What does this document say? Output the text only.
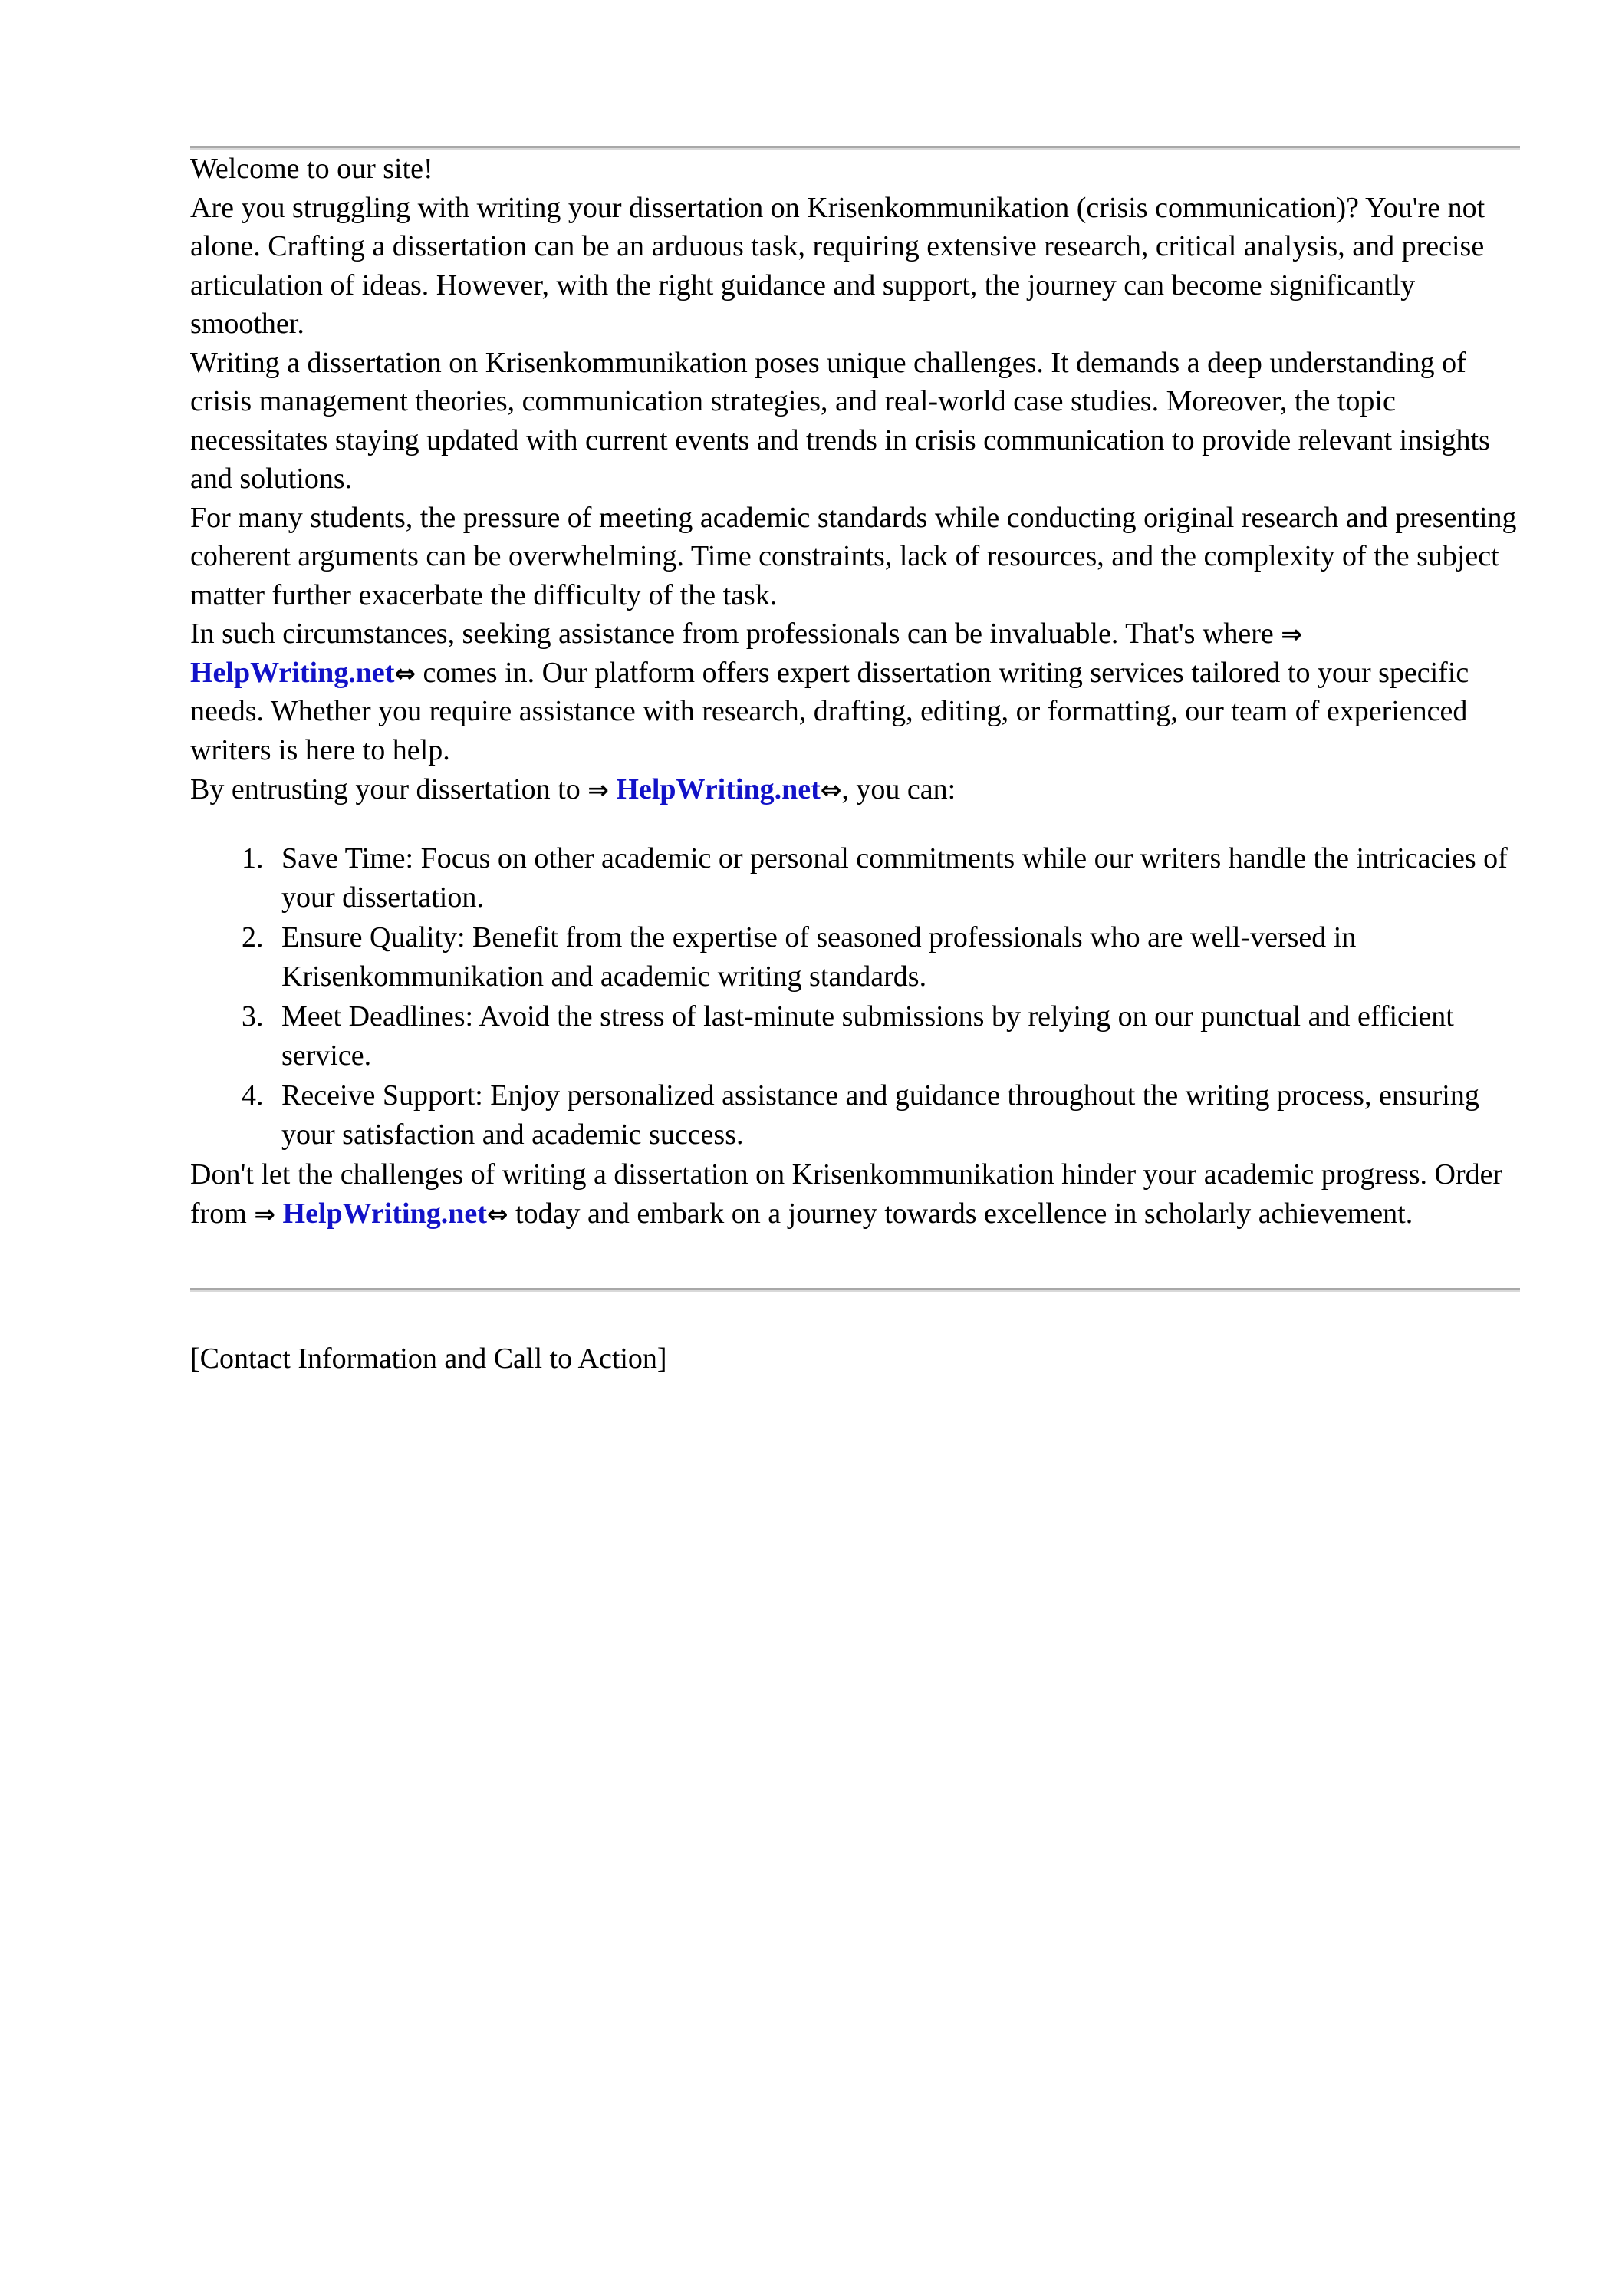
Welcome to our site!

Are you struggling with writing your dissertation on Krisenkommunikation (crisis communication)? You're not alone. Crafting a dissertation can be an arduous task, requiring extensive research, critical analysis, and precise articulation of ideas. However, with the right guidance and support, the journey can become significantly smoother.

Writing a dissertation on Krisenkommunikation poses unique challenges. It demands a deep understanding of crisis management theories, communication strategies, and real-world case studies. Moreover, the topic necessitates staying updated with current events and trends in crisis communication to provide relevant insights and solutions.

For many students, the pressure of meeting academic standards while conducting original research and presenting coherent arguments can be overwhelming. Time constraints, lack of resources, and the complexity of the subject matter further exacerbate the difficulty of the task.

In such circumstances, seeking assistance from professionals can be invaluable. That's where ⇒ HelpWriting.net⇔ comes in. Our platform offers expert dissertation writing services tailored to your specific needs. Whether you require assistance with research, drafting, editing, or formatting, our team of experienced writers is here to help.

By entrusting your dissertation to ⇒ HelpWriting.net⇔, you can:

1. Save Time: Focus on other academic or personal commitments while our writers handle the intricacies of your dissertation.
2. Ensure Quality: Benefit from the expertise of seasoned professionals who are well-versed in Krisenkommunikation and academic writing standards.
3. Meet Deadlines: Avoid the stress of last-minute submissions by relying on our punctual and efficient service.
4. Receive Support: Enjoy personalized assistance and guidance throughout the writing process, ensuring your satisfaction and academic success.

Don't let the challenges of writing a dissertation on Krisenkommunikation hinder your academic progress. Order from ⇒ HelpWriting.net⇔ today and embark on a journey towards excellence in scholarly achievement.

[Contact Information and Call to Action]
